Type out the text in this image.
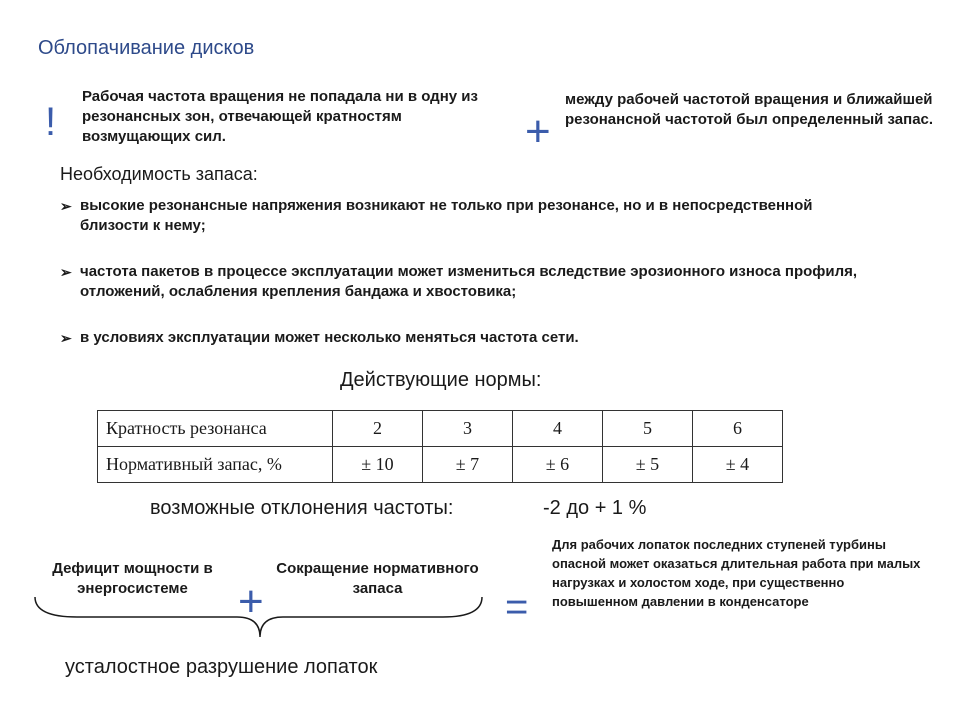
Облопачивание дисков
!
Рабочая частота вращения не попадала ни в одну из резонансных зон, отвечающей кратностям возмущающих сил.	+
между рабочей частотой вращения и ближайшей резонансной частотой был определенный запас.
Необходимость запаса:
➢ высокие резонансные напряжения возникают не только при резонансе, но и в непосредственной близости к нему;
➢ частота пакетов в процессе эксплуатации может измениться вследствие эрозионного износа профиля, отложений, ослабления крепления бандажа и хвостовика;
➢ в условиях эксплуатации может несколько меняться частота сети.
Действующие нормы:
Кратность резонанса	2	3	4	5	6
Нормативный запас, %	± 10	± 7	± 6	± 5	± 4
возможные отклонения частоты:	-2 до + 1 %
Дефицит мощности в энергосистеме	+
Сокращение нормативного запаса	=
Для рабочих лопаток последних ступеней турбины опасной может оказаться длительная работа при малых нагрузках и холостом ходе, при существенно повышенном давлении в конденсаторе
усталостное разрушение лопаток
